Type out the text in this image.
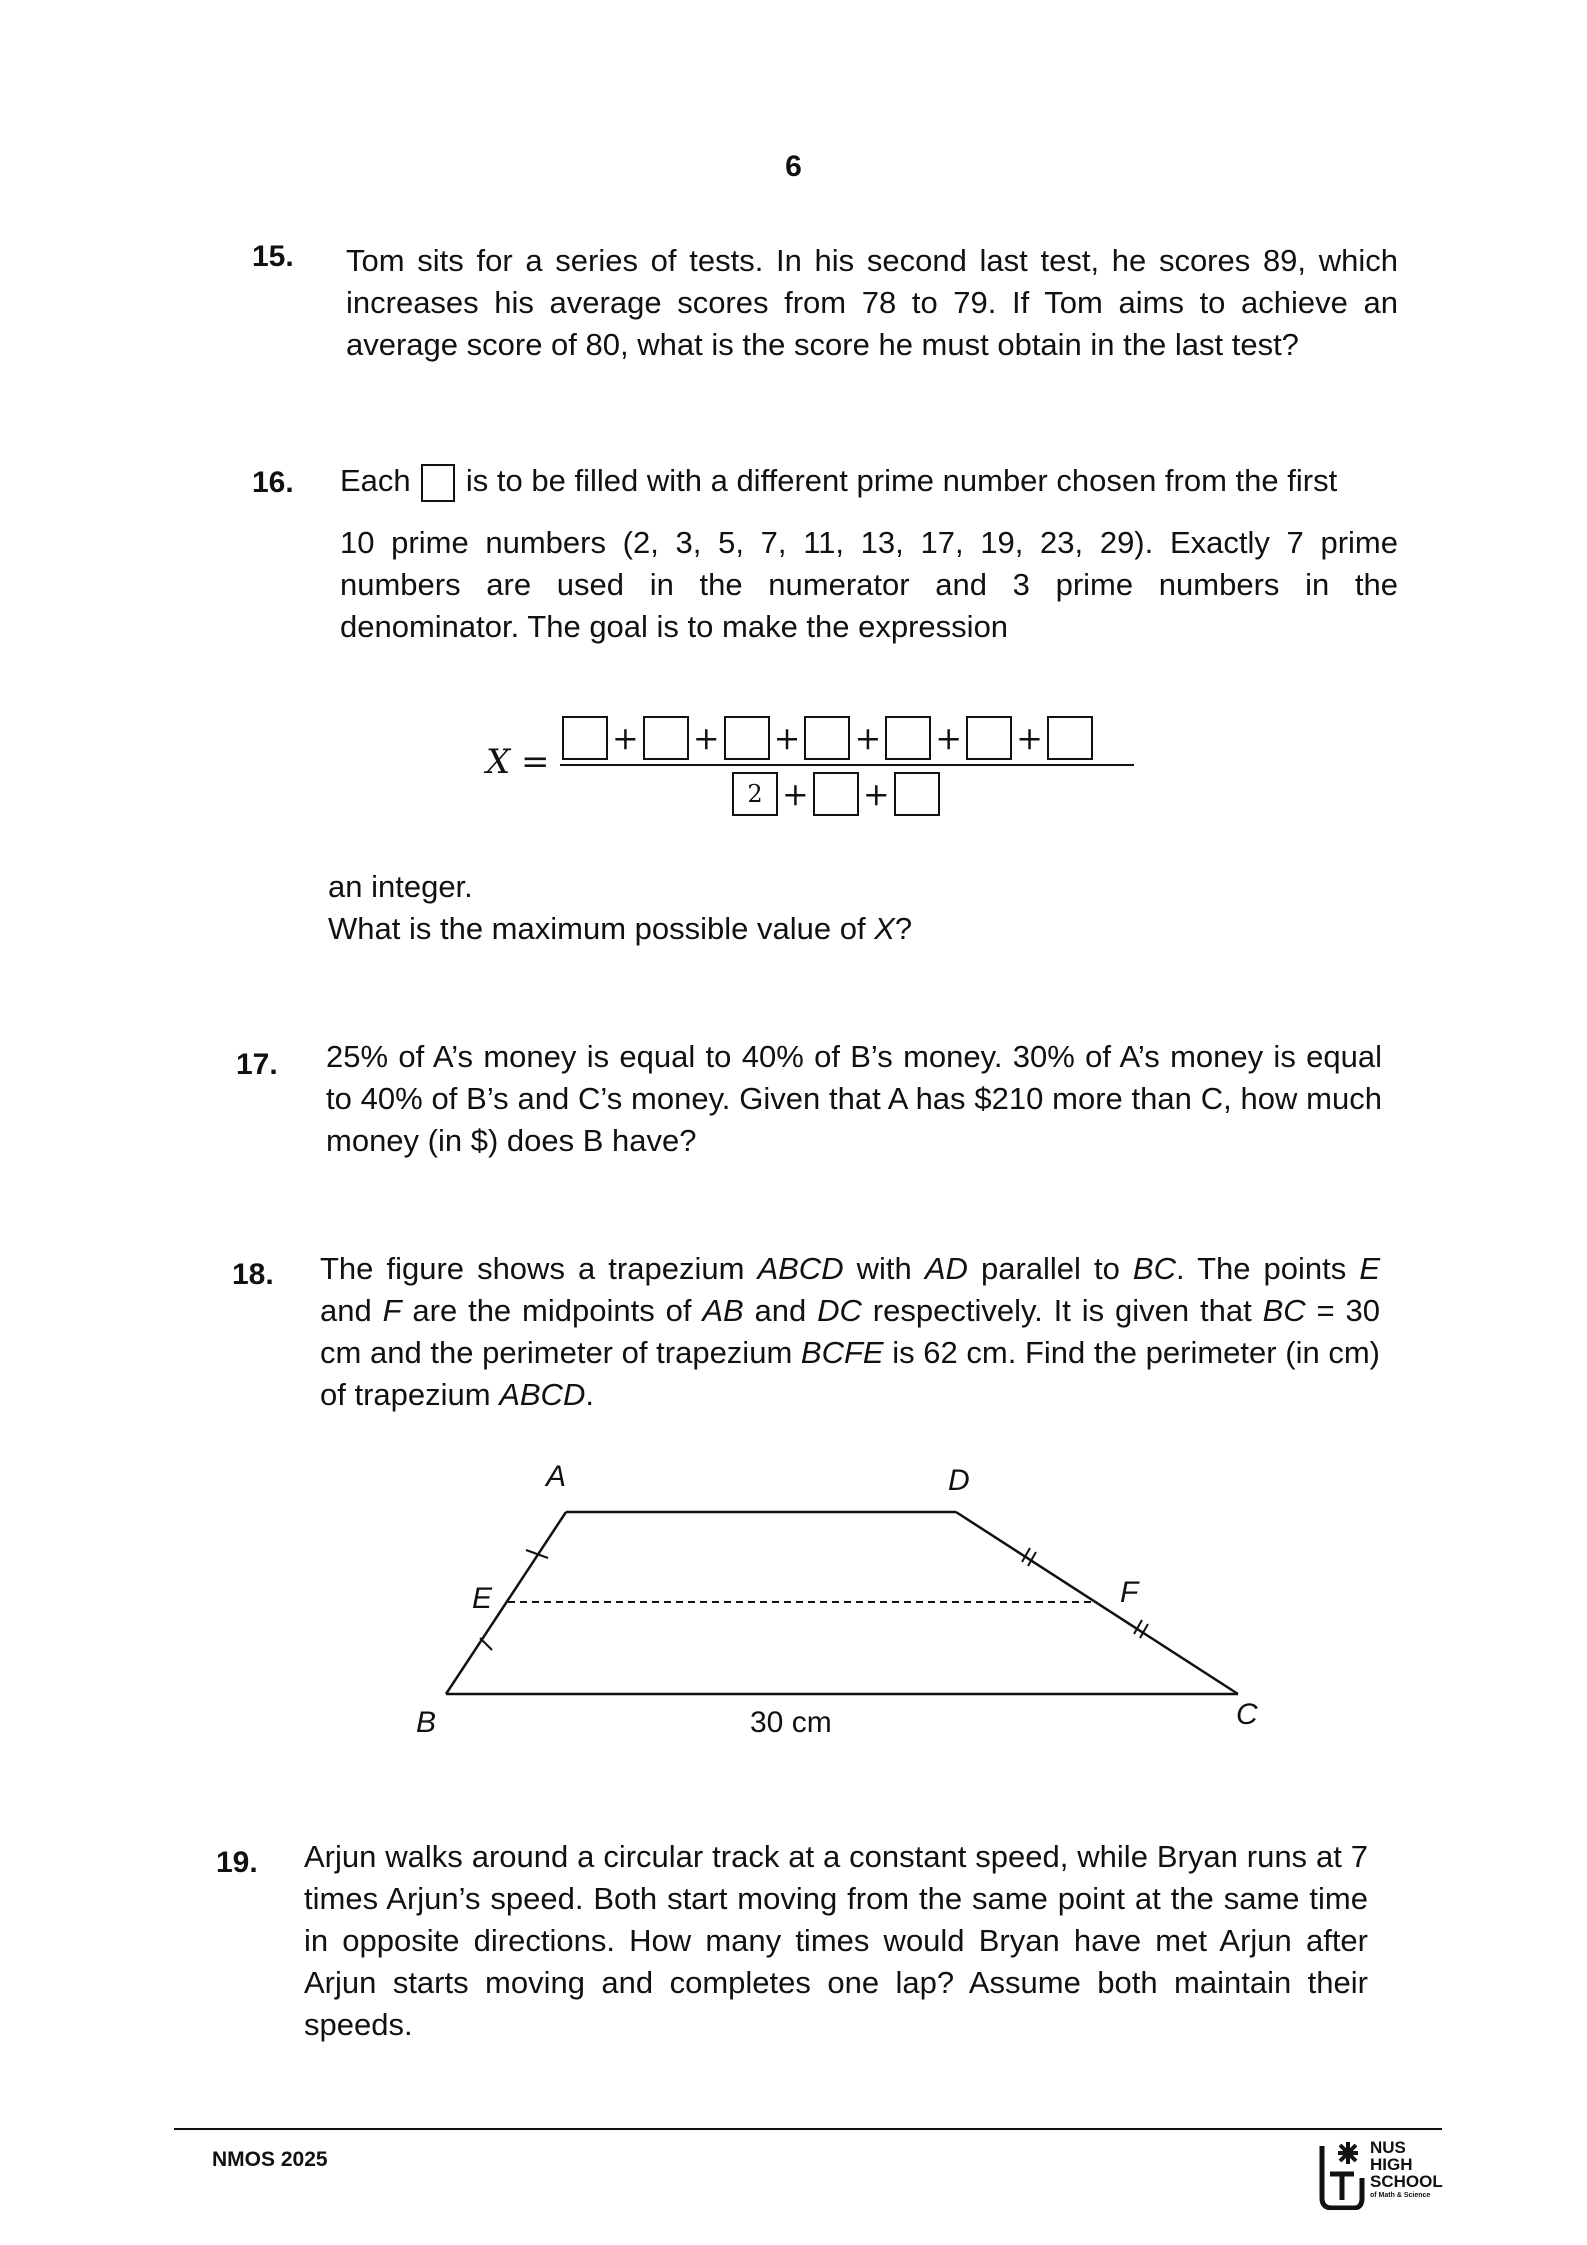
6
15. Tom sits for a series of tests. In his second last test, he scores 89, which increases his average scores from 78 to 79. If Tom aims to achieve an average score of 80, what is the score he must obtain in the last test?

16. Each is to be filled with a different prime number chosen from the first

10 prime numbers (2, 3, 5, 7, 11, 13, 17, 19, 23, 29). Exactly 7 prime numbers are used in the numerator and 3 prime numbers in the denominator. The goal is to make the expression

X =
+ + + + + +
2 + +
an integer.
What is the maximum possible value of X?
17. 25% of A’s money is equal to 40% of B’s money. 30% of A’s money is equal to 40% of B’s and C’s money. Given that A has $210 more than C, how much money (in $) does B have?

18. The figure shows a trapezium ABCD with AD parallel to BC. The points E and F are the midpoints of AB and DC respectively. It is given that BC = 30 cm and the perimeter of trapezium BCFE is 62 cm. Find the perimeter (in cm) of trapezium ABCD.

A	D
E	F
B	C
30 cm
19. Arjun walks around a circular track at a constant speed, while Bryan runs at 7 times Arjun’s speed. Both start moving from the same point at the same time in opposite directions. How many times would Bryan have met Arjun after Arjun starts moving and completes one lap? Assume both maintain their speeds.

NMOS 2025
NUS
HIGH
SCHOOL
of Math & Science
